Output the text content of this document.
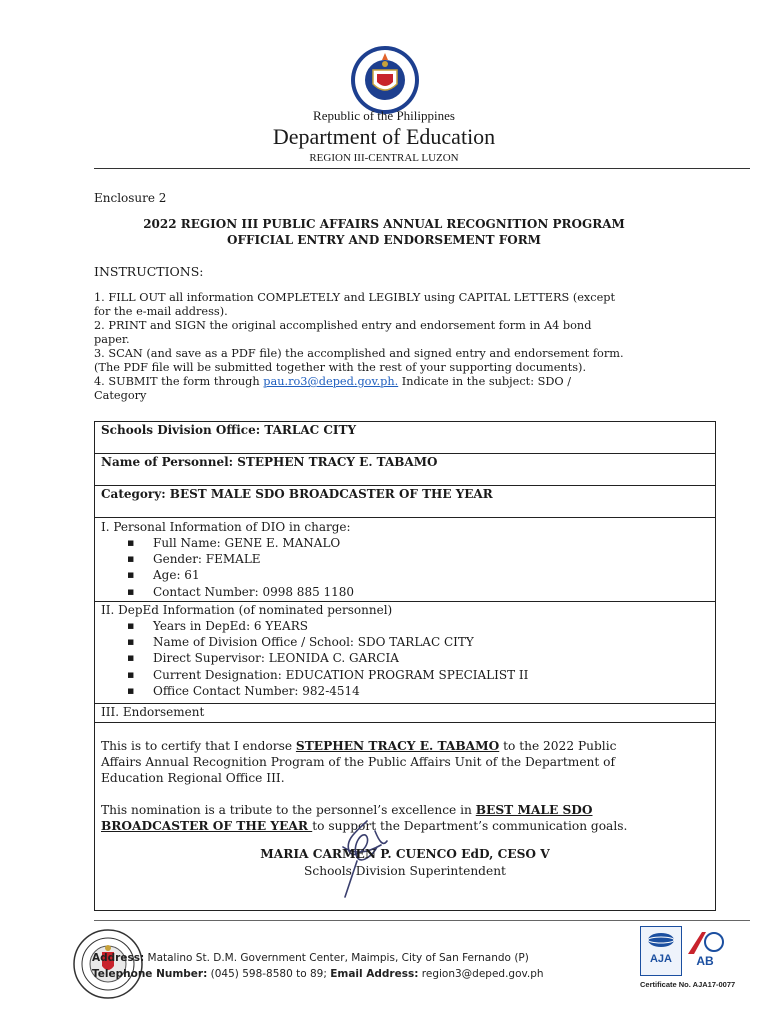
Republic of the Philippines
Department of Education
REGION III-CENTRAL LUZON
Enclosure 2
2022 REGION III PUBLIC AFFAIRS ANNUAL RECOGNITION PROGRAM
OFFICIAL ENTRY AND ENDORSEMENT FORM
INSTRUCTIONS:
1. FILL OUT all information COMPLETELY and LEGIBLY using CAPITAL LETTERS (except
for the e-mail address).
2. PRINT and SIGN the original accomplished entry and endorsement form in A4 bond
paper.
3. SCAN (and save as a PDF file) the accomplished and signed entry and endorsement form.
(The PDF file will be submitted together with the rest of your supporting documents).
4. SUBMIT the form through pau.ro3@deped.gov.ph. Indicate in the subject: SDO /
Category
Schools Division Office: TARLAC CITY
Name of Personnel: STEPHEN TRACY E. TABAMO
Category: BEST MALE SDO BROADCASTER OF THE YEAR
I. Personal Information of DIO in charge:
▪ Full Name: GENE E. MANALO
▪ Gender: FEMALE
▪ Age: 61
▪ Contact Number: 0998 885 1180
II. DepEd Information (of nominated personnel)
▪ Years in DepEd: 6 YEARS
▪ Name of Division Office / School: SDO TARLAC CITY
▪ Direct Supervisor: LEONIDA C. GARCIA
▪ Current Designation: EDUCATION PROGRAM SPECIALIST II
▪ Office Contact Number: 982-4514
III. Endorsement

This is to certify that I endorse STEPHEN TRACY E. TABAMO to the 2022 Public

Affairs Annual Recognition Program of the Public Affairs Unit of the Department of

Education Regional Office III.

This nomination is a tribute to the personnel’s excellence in BEST MALE SDO

BROADCASTER OF THE YEAR to support the Department’s communication goals.

MARIA CARMEN P. CUENCO EdD, CESO V
Schools Division Superintendent
Address: Matalino St. D.M. Government Center, Maimpis, City of San Fernando (P)
Telephone Number: (045) 598-8580 to 89; Email Address: region3@deped.gov.ph
AJA	AB
Certificate No. AJA17-0077
